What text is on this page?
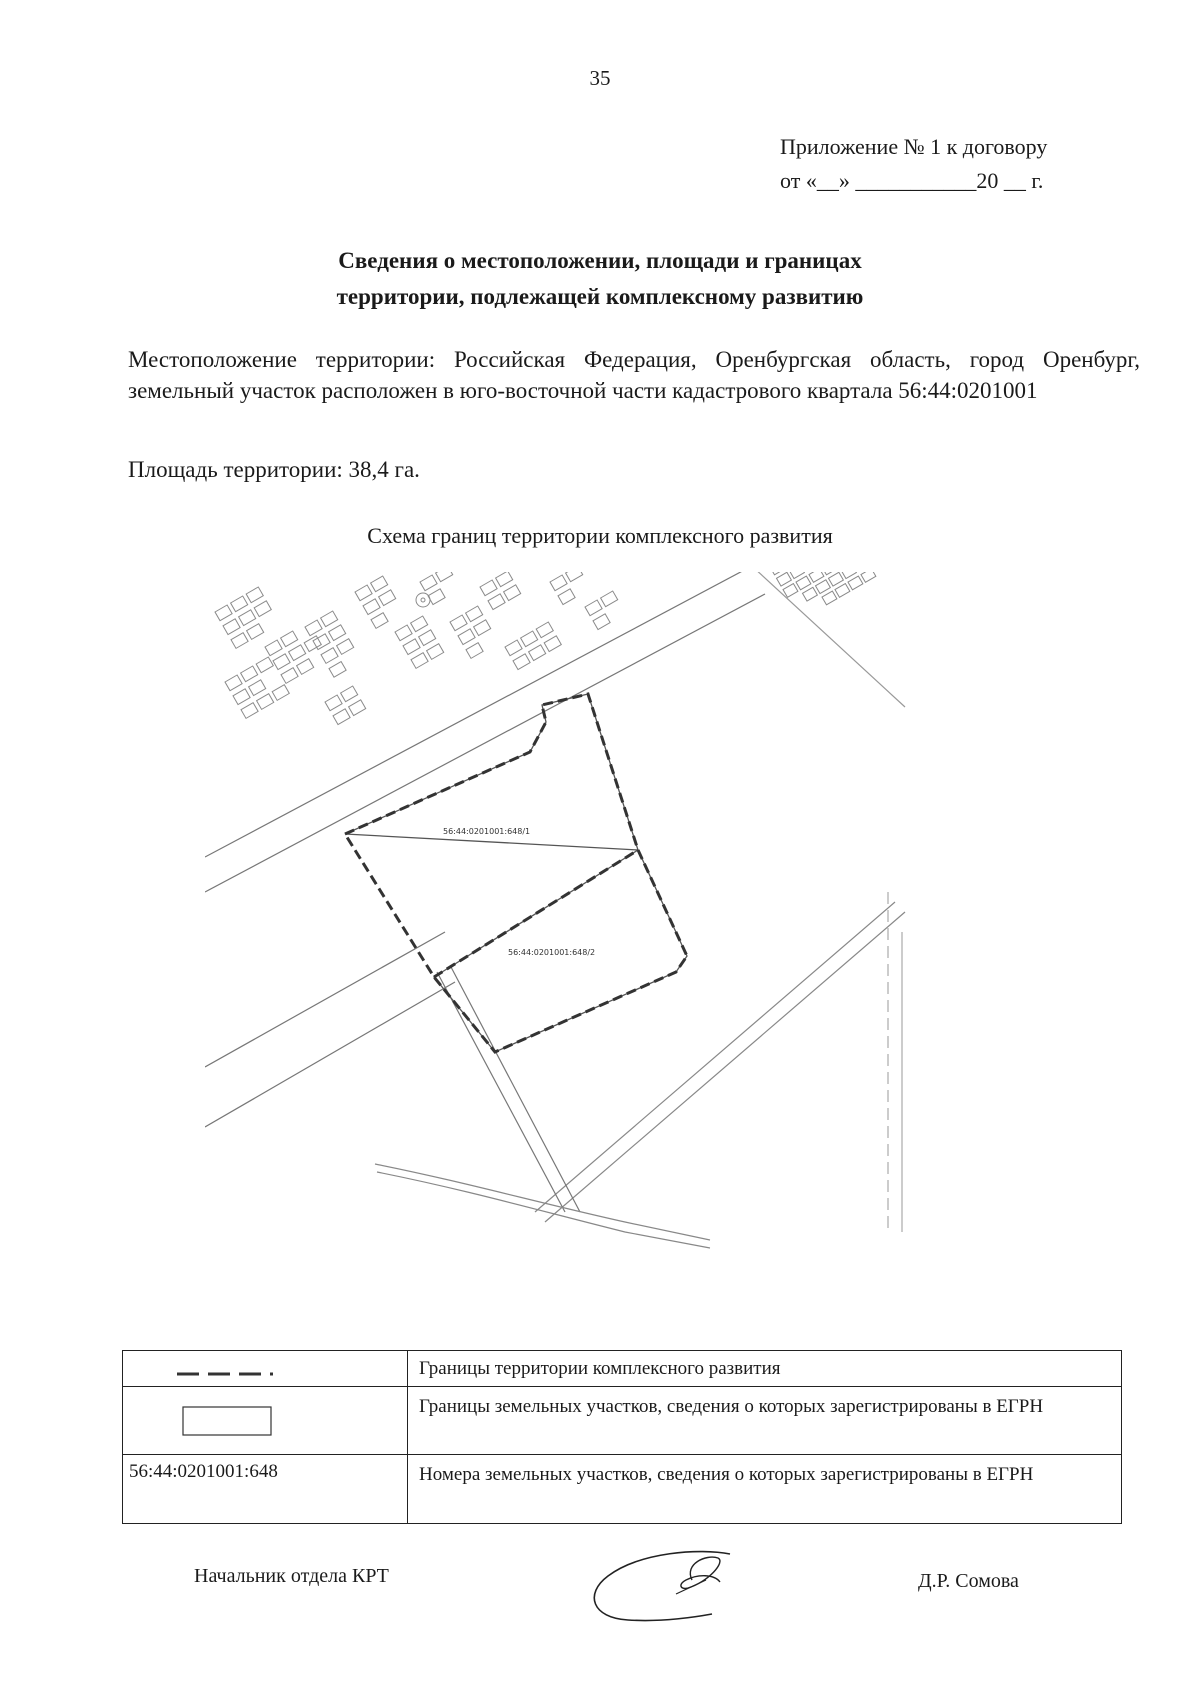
35
Приложение № 1 к договору
от «__» ___________20 __ г.
Сведения о местоположении, площади и границах
территории, подлежащей комплексному развитию
Местоположение территории: Российская Федерация, Оренбургская область, город Оренбург, земельный участок расположен в юго-восточной части кадастрового квартала 56:44:0201001
Площадь территории: 38,4 га.
Схема границ территории комплексного развития
56:44:0201001:648/1
56:44:0201001:648/2
Границы территории комплексного развития
Границы земельных участков, сведения о которых зарегистрированы в ЕГРН
56:44:0201001:648	Номера земельных участков, сведения о которых зарегистрированы в ЕГРН
Начальник отдела КРТ	Д.Р. Сомова
